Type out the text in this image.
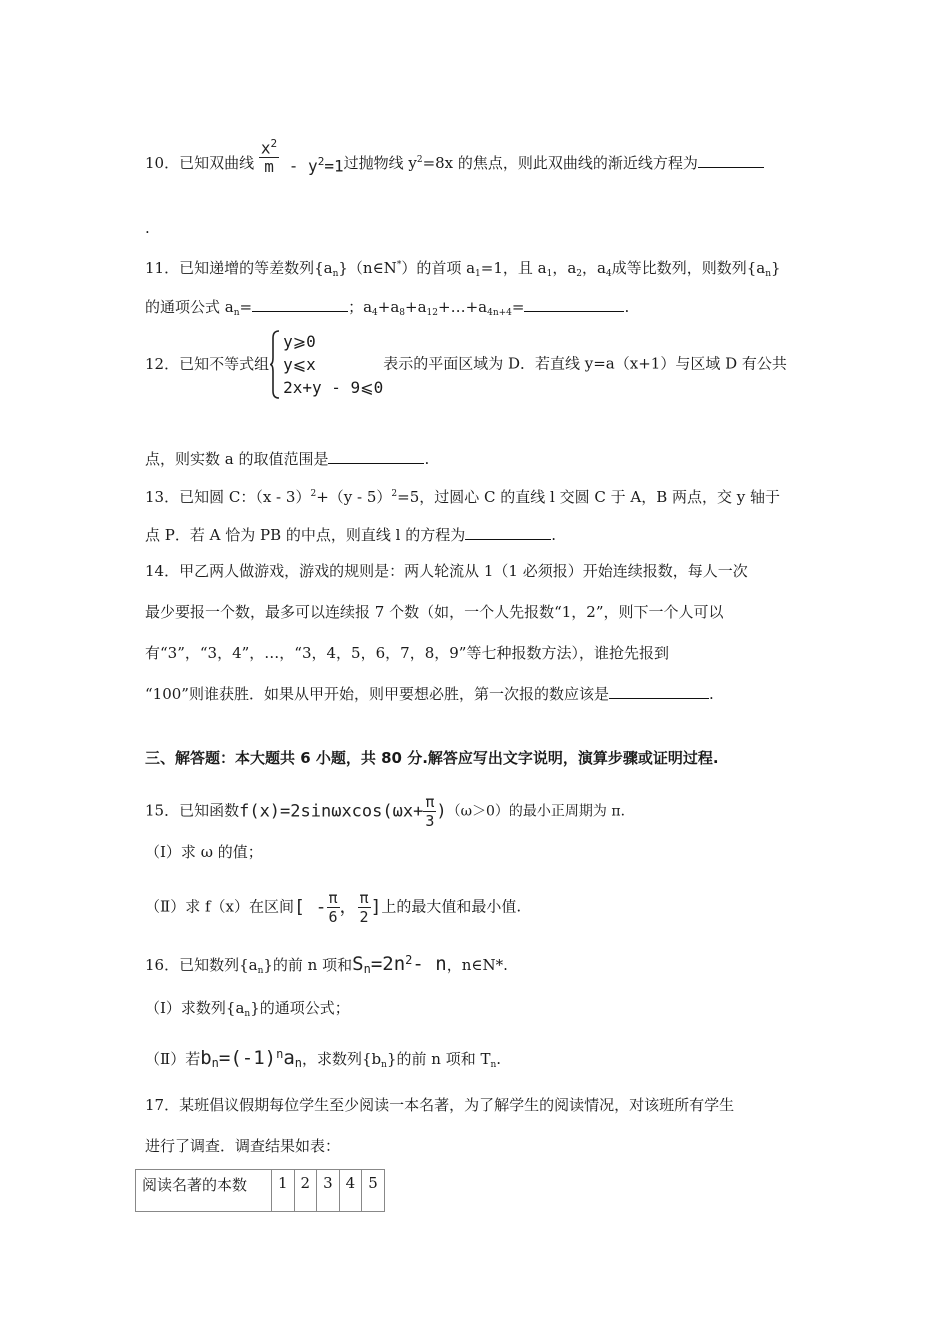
10．已知双曲线 $\frac{x^2}{m} - y^2=1$过抛物线 $y^2=8x$ 的焦点，则此双曲线的渐近线方程为
.
11．已知递增的等差数列$\{a_n\}(n\in N^*)$的首项 $a_1=1$，且 $a_1$，$a_2$，$a_4$成等比数列，则数列$\{a_n\}$
的通项公式 $a_n=$	；$a_4+a_8+a_{12}+\dots+a_{4n+4}=$	.
12．已知不等式组
y⩾0
y⩽x
2x+y - 9⩽0表示的平面区域为 D．若直线 y=a（x+1）与区域 D 有公共
点，则实数 a 的取值范围是	.
13．已知圆 C：（x - 3）$^2$+（y - 5）$^2$=5，过圆心 C 的直线 l 交圆 C 于 A，B 两点，交 y 轴于
点 P．若 A 恰为 PB 的中点，则直线 l 的方程为	.
14．甲乙两人做游戏，游戏的规则是：两人轮流从 1（1 必须报）开始连续报数，每人一次
最少要报一个数，最多可以连续报 7 个数（如，一个人先报数“1，2”，则下一个人可以
有“3”，“3，4”，…，“3，4，5，6，7，8，9”等七种报数方法），谁抢先报到
“100”则谁获胜．如果从甲开始，则甲要想必胜，第一次报的数应该是	.
三、解答题：本大题共 6 小题，共 80 分.解答应写出文字说明，演算步骤或证明过程.
15．已知函数$f(x)=2\sin\omega xcos(\omega x+ \frac{\pi}{3} )(\omega>0)$的最小正周期为 π．
（Ⅰ）求 ω 的值；
（Ⅱ）求 f（x）在区间[ - $\frac{\pi}{6}$ ， $\frac{\pi}{2}$ ]上的最大值和最小值.
16．已知数列$\{a_n\}$的前 n 项和$S_n=2n^2-$ n，n∈N*.
（Ⅰ）求数列$\{a_n\}$的通项公式；
（Ⅱ）若$b_n=(-1)^na_n$，求数列$\{b_n\}$的前 n 项和 $T_n$.
17．某班倡议假期每位学生至少阅读一本名著，为了解学生的阅读情况，对该班所有学生
进行了调查．调查结果如表：
阅读名著的本数	1	2	3	4	5
